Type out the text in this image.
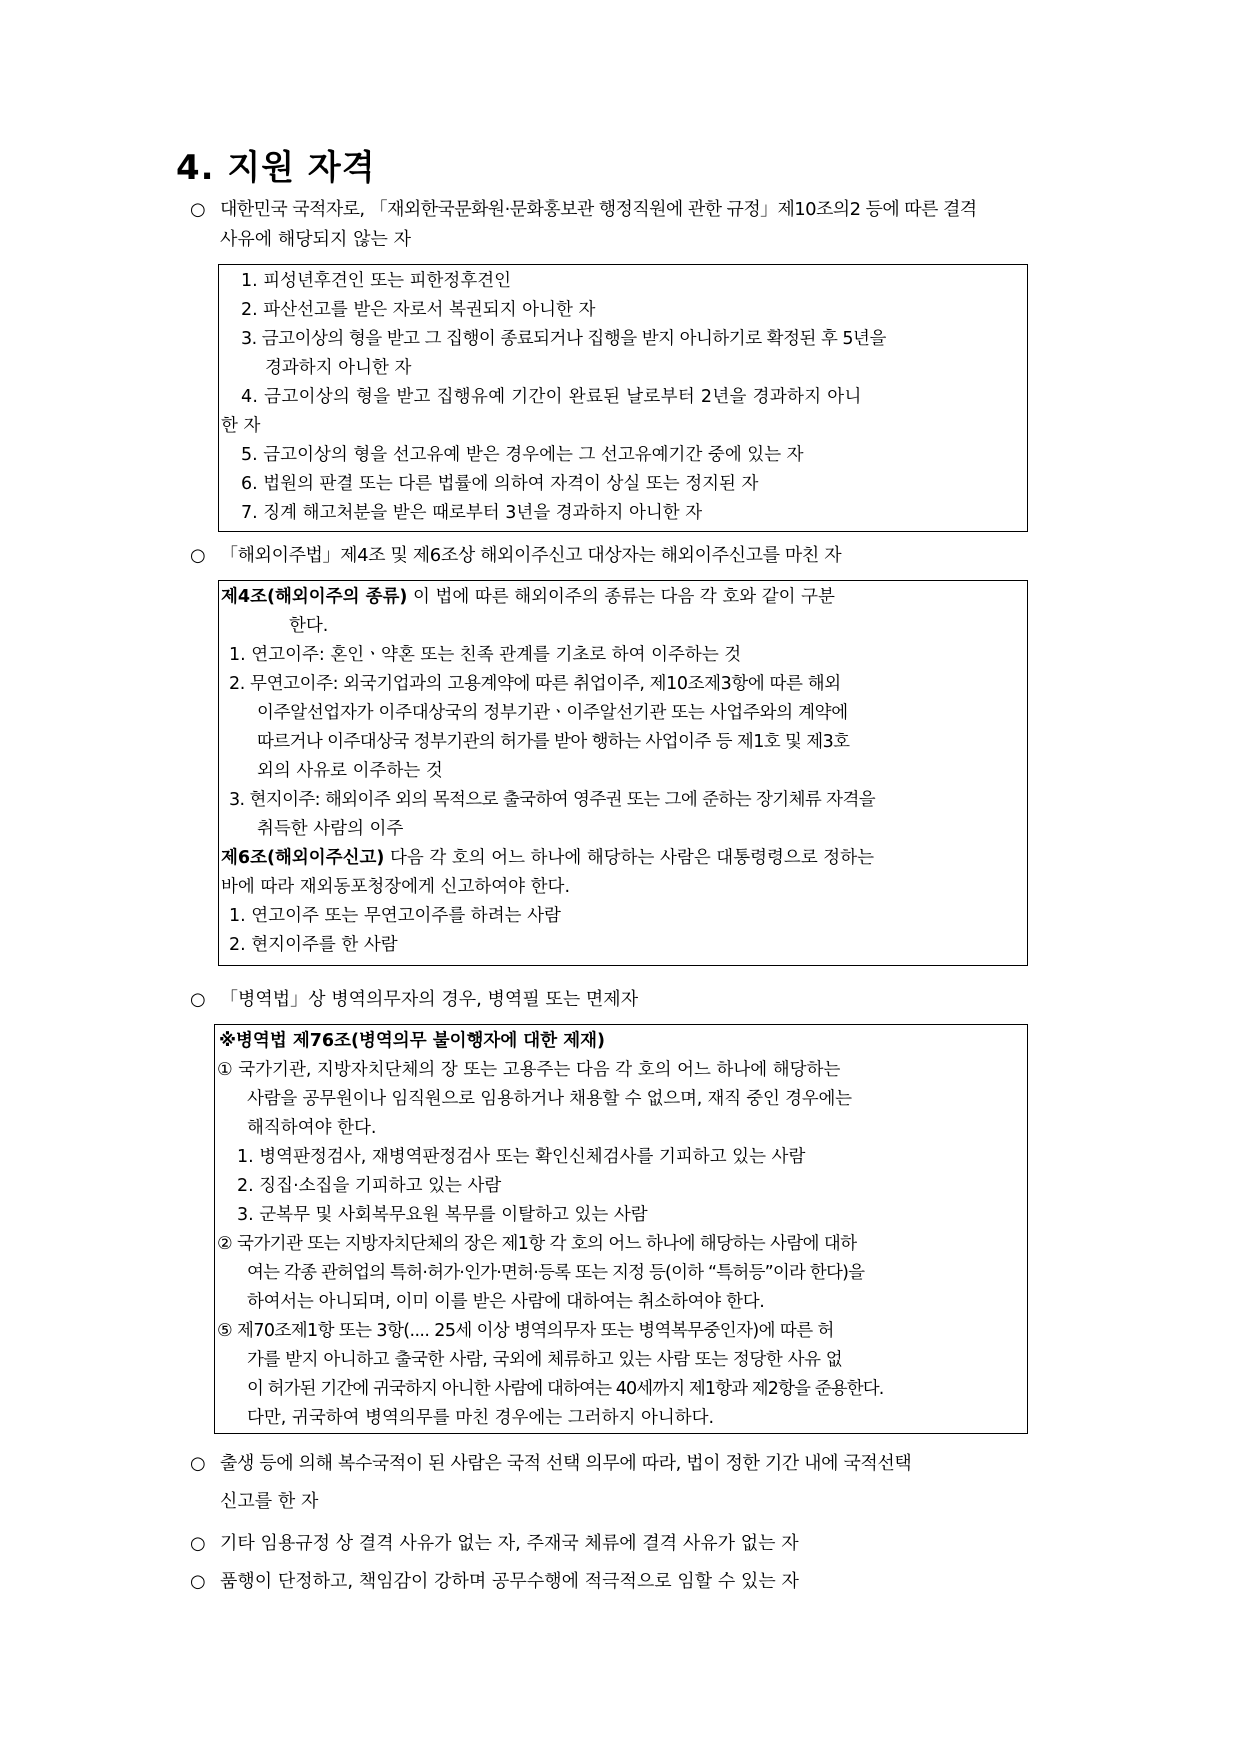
4. 지원 자격
○ 대한민국 국적자로, 「재외한국문화원·문화홍보관 행정직원에 관한 규정」제10조의2 등에 따른 결격
사유에 해당되지 않는 자
1. 피성년후견인 또는 피한정후견인
2. 파산선고를 받은 자로서 복권되지 아니한 자
3. 금고이상의 형을 받고 그 집행이 종료되거나 집행을 받지 아니하기로 확정된 후 5년을
경과하지 아니한 자
4. 금고이상의 형을 받고 집행유예 기간이 완료된 날로부터 2년을 경과하지 아니
한 자
5. 금고이상의 형을 선고유예 받은 경우에는 그 선고유예기간 중에 있는 자
6. 법원의 판결 또는 다른 법률에 의하여 자격이 상실 또는 정지된 자
7. 징계 해고처분을 받은 때로부터 3년을 경과하지 아니한 자
○ 「해외이주법」제4조 및 제6조상 해외이주신고 대상자는 해외이주신고를 마친 자
제4조(해외이주의 종류) 이 법에 따른 해외이주의 종류는 다음 각 호와 같이 구분
한다.
1. 연고이주: 혼인ㆍ약혼 또는 친족 관계를 기초로 하여 이주하는 것
2. 무연고이주: 외국기업과의 고용계약에 따른 취업이주, 제10조제3항에 따른 해외
이주알선업자가 이주대상국의 정부기관ㆍ이주알선기관 또는 사업주와의 계약에
따르거나 이주대상국 정부기관의 허가를 받아 행하는 사업이주 등 제1호 및 제3호
외의 사유로 이주하는 것
3. 현지이주: 해외이주 외의 목적으로 출국하여 영주권 또는 그에 준하는 장기체류 자격을
취득한 사람의 이주
제6조(해외이주신고) 다음 각 호의 어느 하나에 해당하는 사람은 대통령령으로 정하는
바에 따라 재외동포청장에게 신고하여야 한다.
1. 연고이주 또는 무연고이주를 하려는 사람
2. 현지이주를 한 사람
○ 「병역법」상 병역의무자의 경우, 병역필 또는 면제자
※병역법 제76조(병역의무 불이행자에 대한 제재)
① 국가기관, 지방자치단체의 장 또는 고용주는 다음 각 호의 어느 하나에 해당하는
사람을 공무원이나 임직원으로 임용하거나 채용할 수 없으며, 재직 중인 경우에는
해직하여야 한다.
1. 병역판정검사, 재병역판정검사 또는 확인신체검사를 기피하고 있는 사람
2. 징집·소집을 기피하고 있는 사람
3. 군복무 및 사회복무요원 복무를 이탈하고 있는 사람
② 국가기관 또는 지방자치단체의 장은 제1항 각 호의 어느 하나에 해당하는 사람에 대하
여는 각종 관허업의 특허·허가·인가·면허·등록 또는 지정 등(이하 “특허등”이라 한다)을
하여서는 아니되며, 이미 이를 받은 사람에 대하여는 취소하여야 한다.
⑤ 제70조제1항 또는 3항(.... 25세 이상 병역의무자 또는 병역복무중인자)에 따른 허
가를 받지 아니하고 출국한 사람, 국외에 체류하고 있는 사람 또는 정당한 사유 없
이 허가된 기간에 귀국하지 아니한 사람에 대하여는 40세까지 제1항과 제2항을 준용한다.
다만, 귀국하여 병역의무를 마친 경우에는 그러하지 아니하다.
○ 출생 등에 의해 복수국적이 된 사람은 국적 선택 의무에 따라, 법이 정한 기간 내에 국적선택
신고를 한 자
○ 기타 임용규정 상 결격 사유가 없는 자, 주재국 체류에 결격 사유가 없는 자
○ 품행이 단정하고, 책임감이 강하며 공무수행에 적극적으로 임할 수 있는 자
